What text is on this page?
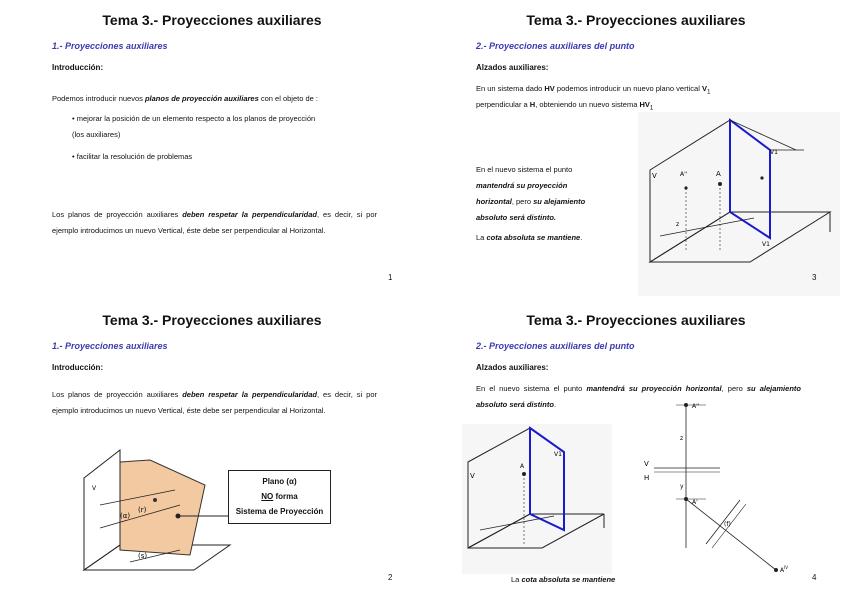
Tema 3.- Proyecciones auxiliares
1.- Proyecciones auxiliares
Introducción:
Podemos introducir nuevos planos de proyección auxiliares con el objeto de :
• mejorar la posición de un elemento respecto a los planos de proyección
(los auxiliares)
• facilitar la resolución de problemas
Los planos de proyección auxiliares deben respetar la perpendicularidad, es decir, si por ejemplo introducimos un nuevo Vertical, éste debe ser perpendicular al Horizontal.
1
Tema 3.- Proyecciones auxiliares
1.- Proyecciones auxiliares
Introducción:
Los planos de proyección auxiliares deben respetar la perpendicularidad, es decir, si por ejemplo introducimos un nuevo Vertical, éste debe ser perpendicular al Horizontal.
(α)
(r)
(s)
V
Plano (α)
NO forma
Sistema de Proyección
2
Tema 3.- Proyecciones auxiliares
2.- Proyecciones auxiliares del punto
Alzados auxiliares:
En un sistema dado HV podemos introducir un nuevo plano vertical $V_1$
perpendicular a H, obteniendo un nuevo sistema $HV_1$
V	A
A''
V1
V1
z
En el nuevo sistema el punto
mantendrá su proyección
horizontal, pero su alejamiento
absoluto será distinto.
La cota absoluta se mantiene.
3
Tema 3.- Proyecciones auxiliares
2.- Proyecciones auxiliares del punto
Alzados auxiliares:
En el nuevo sistema el punto mantendrá su proyección horizontal, pero su alejamiento absoluto será distinto.
V
A
V1
A''
A'
V
H
z
y
(f)
$A^{IV}$
La cota absoluta se mantiene	4
